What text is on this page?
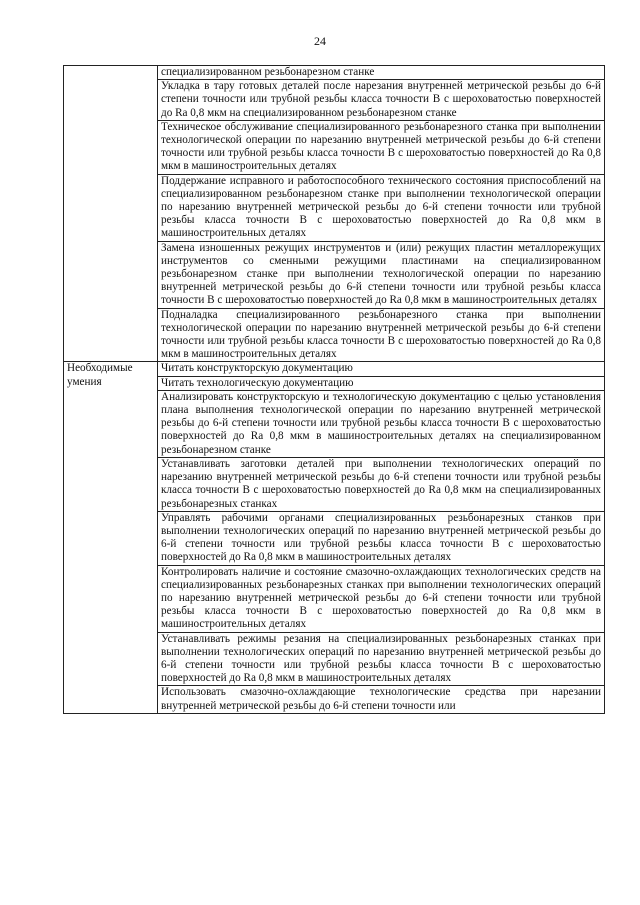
24
	специализированном резьбонарезном станке
	Укладка в тару готовых деталей после нарезания внутренней метрической резьбы до 6-й степени точности или трубной резьбы класса точности В с шероховатостью поверхностей до Ra 0,8 мкм на специализированном резьбонарезном станке
	Техническое обслуживание специализированного резьбонарезного станка при выполнении технологической операции по нарезанию внутренней метрической резьбы до 6-й степени точности или трубной резьбы класса точности В с шероховатостью поверхностей до Ra 0,8 мкм в машиностроительных деталях
	Поддержание исправного и работоспособного технического состояния приспособлений на специализированном резьбонарезном станке при выполнении технологической операции по нарезанию внутренней метрической резьбы до 6-й степени точности или трубной резьбы класса точности В с шероховатостью поверхностей до Ra 0,8 мкм в машиностроительных деталях
	Замена изношенных режущих инструментов и (или) режущих пластин металлорежущих инструментов со сменными режущими пластинами на специализированном резьбонарезном станке при выполнении технологической операции по нарезанию внутренней метрической резьбы до 6-й степени точности или трубной резьбы класса точности В с шероховатостью поверхностей до Ra 0,8 мкм в машиностроительных деталях
	Подналадка специализированного резьбонарезного станка при выполнении технологической операции по нарезанию внутренней метрической резьбы до 6-й степени точности или трубной резьбы класса точности В с шероховатостью поверхностей до Ra 0,8 мкм в машиностроительных деталях
Необходимые умения	Читать конструкторскую документацию
	Читать технологическую документацию
	Анализировать конструкторскую и технологическую документацию с целью установления плана выполнения технологической операции по нарезанию внутренней метрической резьбы до 6-й степени точности или трубной резьбы класса точности В с шероховатостью поверхностей до Ra 0,8 мкм в машиностроительных деталях на специализированном резьбонарезном станке
	Устанавливать заготовки деталей при выполнении технологических операций по нарезанию внутренней метрической резьбы до 6-й степени точности или трубной резьбы класса точности В с шероховатостью поверхностей до Ra 0,8 мкм на специализированных резьбонарезных станках
	Управлять рабочими органами специализированных резьбонарезных станков при выполнении технологических операций по нарезанию внутренней метрической резьбы до 6-й степени точности или трубной резьбы класса точности В с шероховатостью поверхностей до Ra 0,8 мкм в машиностроительных деталях
	Контролировать наличие и состояние смазочно-охлаждающих технологических средств на специализированных резьбонарезных станках при выполнении технологических операций по нарезанию внутренней метрической резьбы до 6-й степени точности или трубной резьбы класса точности В с шероховатостью поверхностей до Ra 0,8 мкм в машиностроительных деталях
	Устанавливать режимы резания на специализированных резьбонарезных станках при выполнении технологических операций по нарезанию внутренней метрической резьбы до 6-й степени точности или трубной резьбы класса точности В с шероховатостью поверхностей до Ra 0,8 мкм в машиностроительных деталях
	Использовать смазочно-охлаждающие технологические средства при нарезании внутренней метрической резьбы до 6-й степени точности или
